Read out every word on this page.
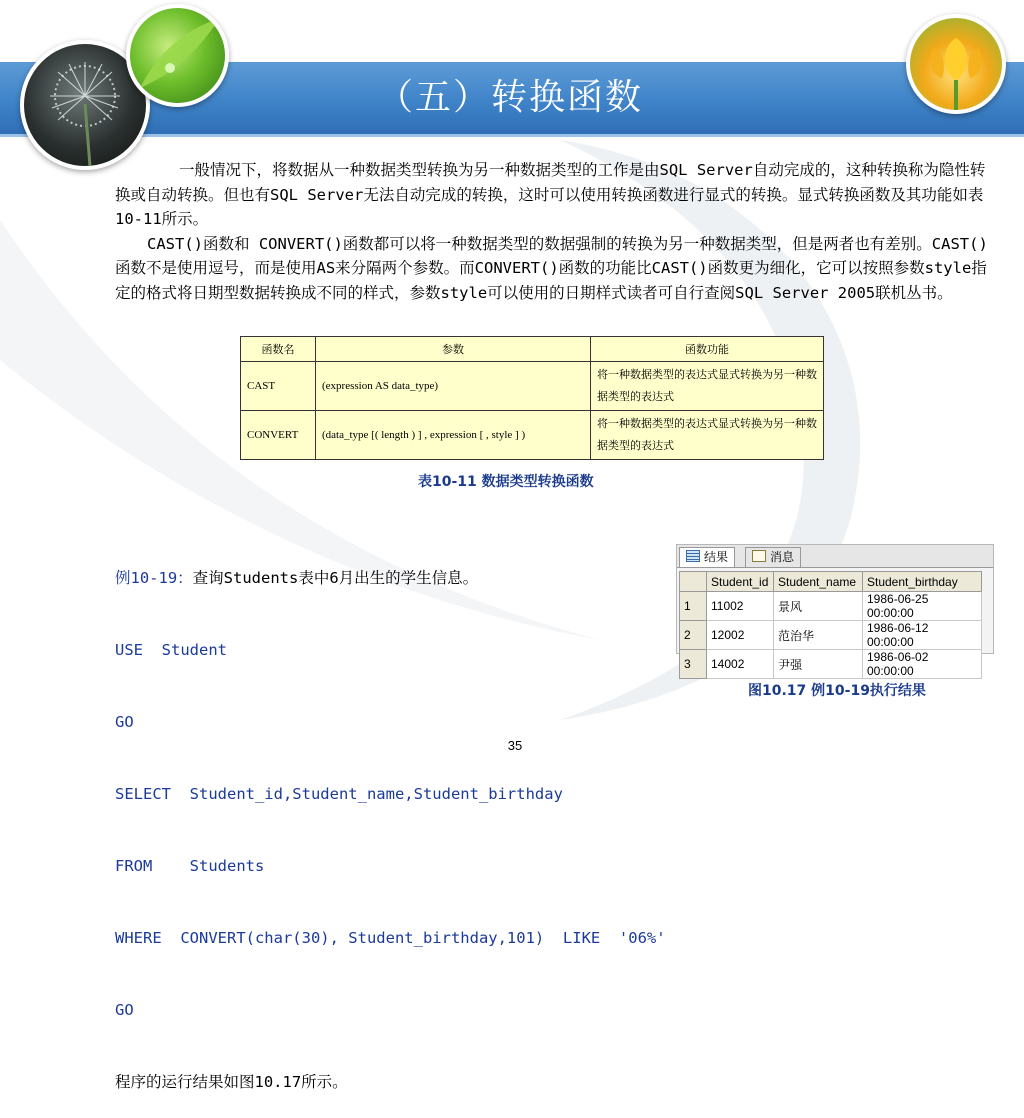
（五）转换函数

一般情况下，将数据从一种数据类型转换为另一种数据类型的工作是由SQL Server自动完成的，这种转换称为隐性转换或自动转换。但也有SQL Server无法自动完成的转换，这时可以使用转换函数进行显式的转换。显式转换函数及其功能如表10-11所示。

CAST()函数和 CONVERT()函数都可以将一种数据类型的数据强制的转换为另一种数据类型，但是两者也有差别。CAST()函数不是使用逗号，而是使用AS来分隔两个参数。而CONVERT()函数的功能比CAST()函数更为细化，它可以按照参数style指定的格式将日期型数据转换成不同的样式，参数style可以使用的日期样式读者可自行查阅SQL Server 2005联机丛书。

函数名	参数	函数功能
CAST	(expression AS data_type)	将一种数据类型的表达式显式转换为另一种数据类型的表达式
CONVERT	(data_type [( length ) ] , expression [ , style ] )	将一种数据类型的表达式显式转换为另一种数据类型的表达式
表10-11 数据类型转换函数

例10-19：查询Students表中6月出生的学生信息。

USE  Student

GO

SELECT  Student_id,Student_name,Student_birthday

FROM    Students

WHERE  CONVERT(char(30), Student_birthday,101)  LIKE  '06%'

GO

程序的运行结果如图10.17所示。

结果	消息
	Student_id	Student_name	Student_birthday
1	11002	景风	1986-06-25 00:00:00
2	12002	范治华	1986-06-12 00:00:00
3	14002	尹强	1986-06-02 00:00:00
图10.17 例10-19执行结果
35
